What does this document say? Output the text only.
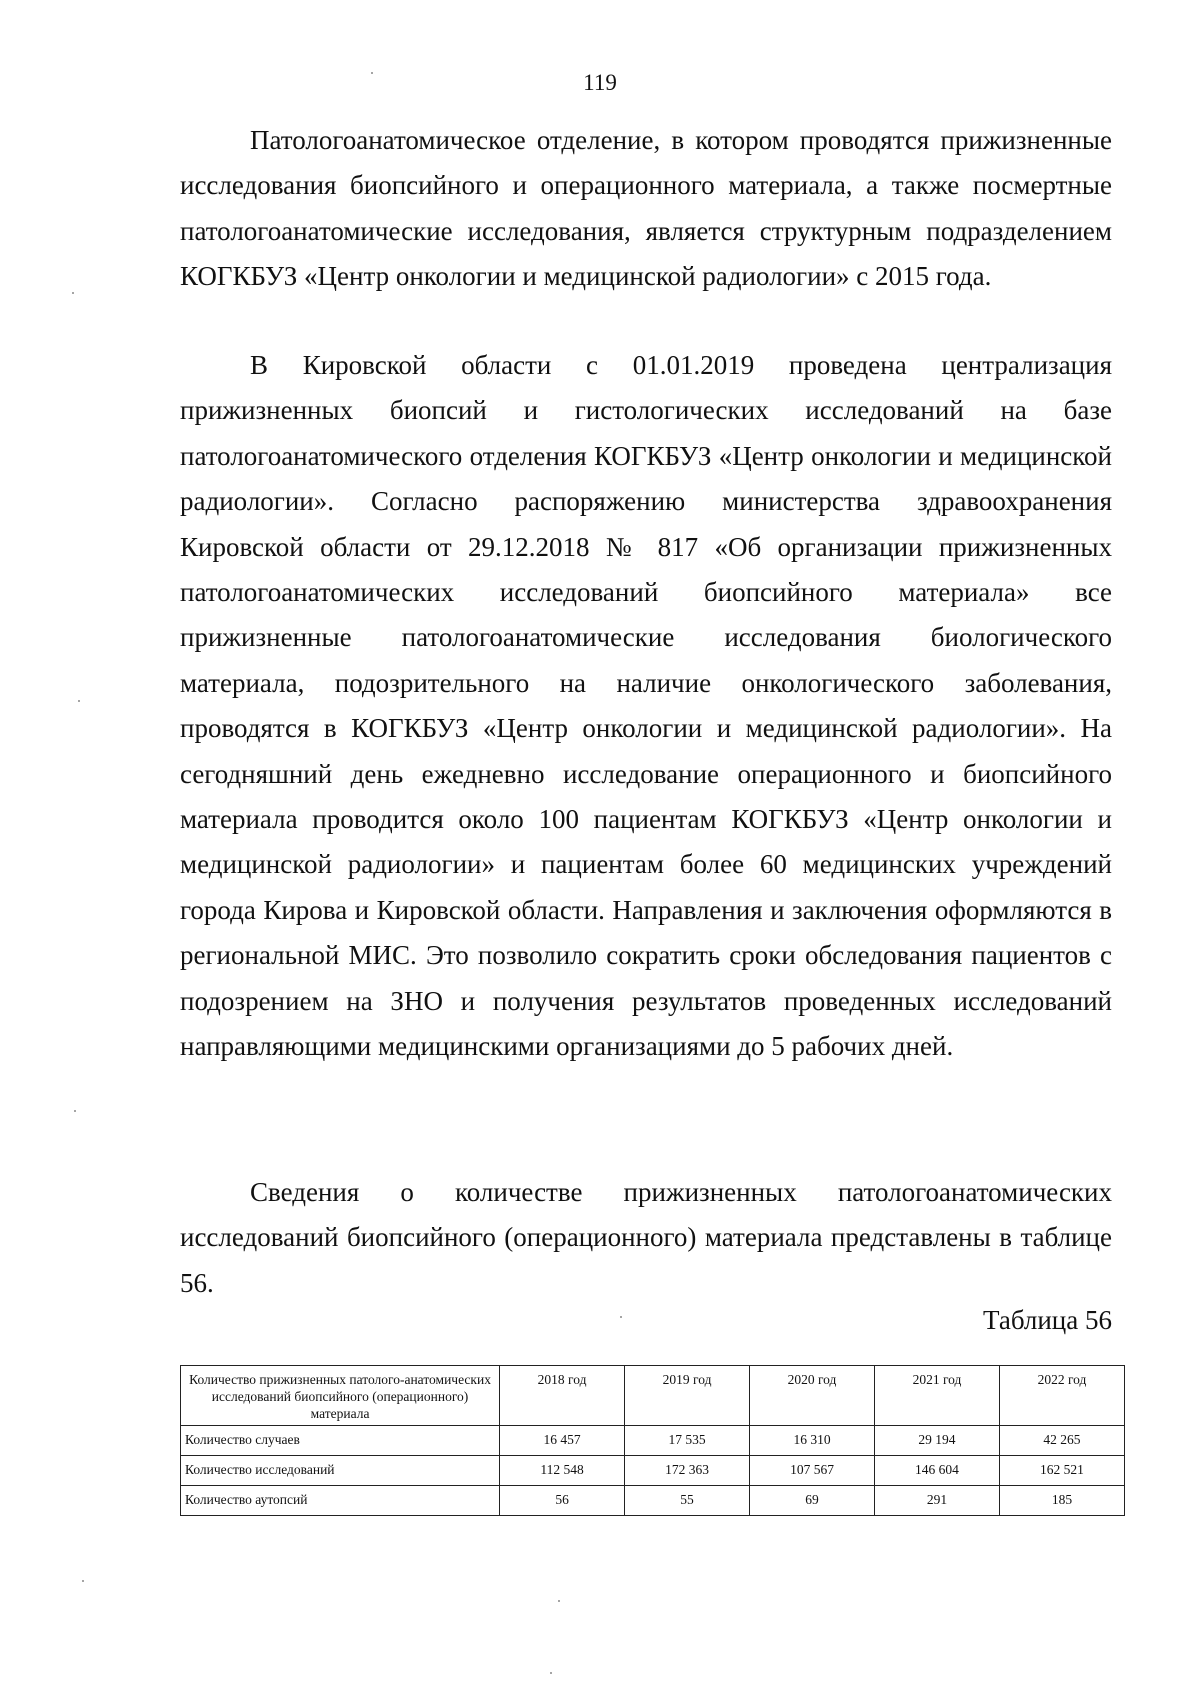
119

Патологоанатомическое отделение, в котором проводятся прижизненные исследования биопсийного и операционного материала, а также посмертные патологоанатомические исследования, является структурным подразделением КОГКБУЗ «Центр онкологии и медицинской радиологии» с 2015 года.

В Кировской области с 01.01.2019 проведена централизация прижизненных биопсий и гистологических исследований на базе патологоанатомического отделения КОГКБУЗ «Центр онкологии и медицинской радиологии». Согласно распоряжению министерства здравоохранения Кировской области от 29.12.2018 № 817 «Об организации прижизненных патологоанатомических исследований биопсийного материала» все прижизненные патологоанатомические исследования биологического материала, подозрительного на наличие онкологического заболевания, проводятся в КОГКБУЗ «Центр онкологии и медицинской радиологии». На сегодняшний день ежедневно исследование операционного и биопсийного материала проводится около 100 пациентам КОГКБУЗ «Центр онкологии и медицинской радиологии» и пациентам более 60 медицинских учреждений города Кирова и Кировской области. Направления и заключения оформляются в региональной МИС. Это позволило сократить сроки обследования пациентов с подозрением на ЗНО и получения результатов проведенных исследований направляющими медицинскими организациями до 5 рабочих дней.

Сведения о количестве прижизненных патологоанатомических исследований биопсийного (операционного) материала представлены в таблице 56.

Таблица 56
Количество прижизненных патолого-анатомических исследований биопсийного (операционного) материала	2018 год	2019 год	2020 год	2021 год	2022 год
Количество случаев	16 457	17 535	16 310	29 194	42 265
Количество исследований	112 548	172 363	107 567	146 604	162 521
Количество аутопсий	56	55	69	291	185
